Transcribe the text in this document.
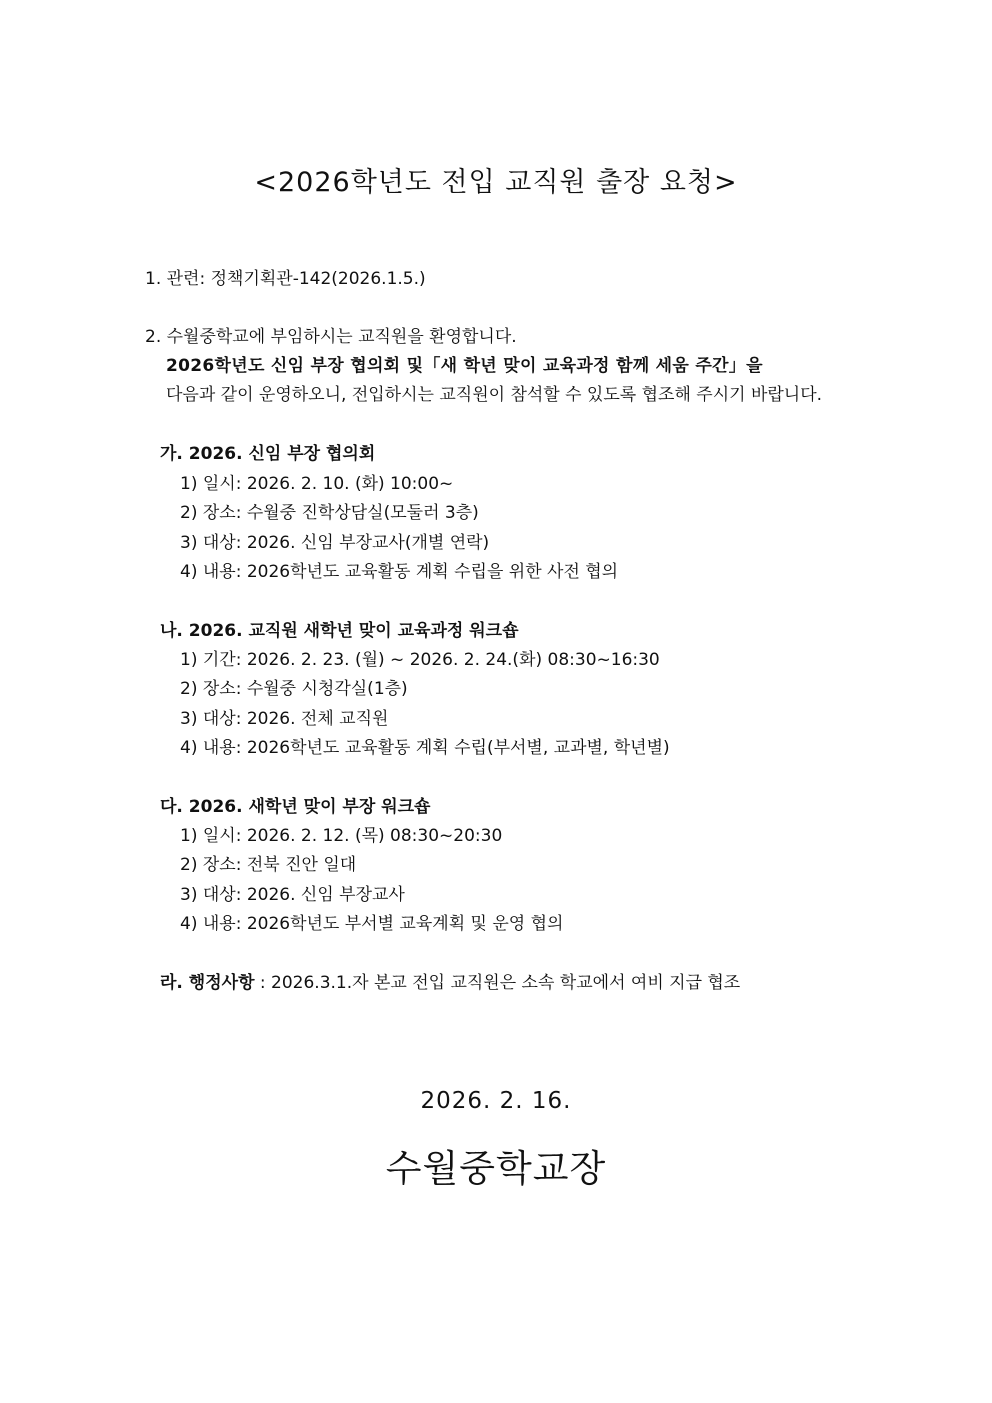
<2026학년도 전입 교직원 출장 요청>
1. 관련: 정책기획관-142(2026.1.5.)
2. 수월중학교에 부임하시는 교직원을 환영합니다.
2026학년도 신임 부장 협의회 및「새 학년 맞이 교육과정 함께 세움 주간」을
다음과 같이 운영하오니, 전입하시는 교직원이 참석할 수 있도록 협조해 주시기 바랍니다.
가. 2026. 신임 부장 협의회
1) 일시: 2026. 2. 10. (화) 10:00~
2) 장소: 수월중 진학상담실(모둘러 3층)
3) 대상: 2026. 신임 부장교사(개별 연락)
4) 내용: 2026학년도 교육활동 계획 수립을 위한 사전 협의
나. 2026. 교직원 새학년 맞이 교육과정 워크숍
1) 기간: 2026. 2. 23. (월) ~ 2026. 2. 24.(화) 08:30~16:30
2) 장소: 수월중 시청각실(1층)
3) 대상: 2026. 전체 교직원
4) 내용: 2026학년도 교육활동 계획 수립(부서별, 교과별, 학년별)
다. 2026. 새학년 맞이 부장 워크숍
1) 일시: 2026. 2. 12. (목) 08:30~20:30
2) 장소: 전북 진안 일대
3) 대상: 2026. 신임 부장교사
4) 내용: 2026학년도 부서별 교육계획 및 운영 협의
라. 행정사항 : 2026.3.1.자 본교 전입 교직원은 소속 학교에서 여비 지급 협조
2026. 2. 16.
수월중학교장
